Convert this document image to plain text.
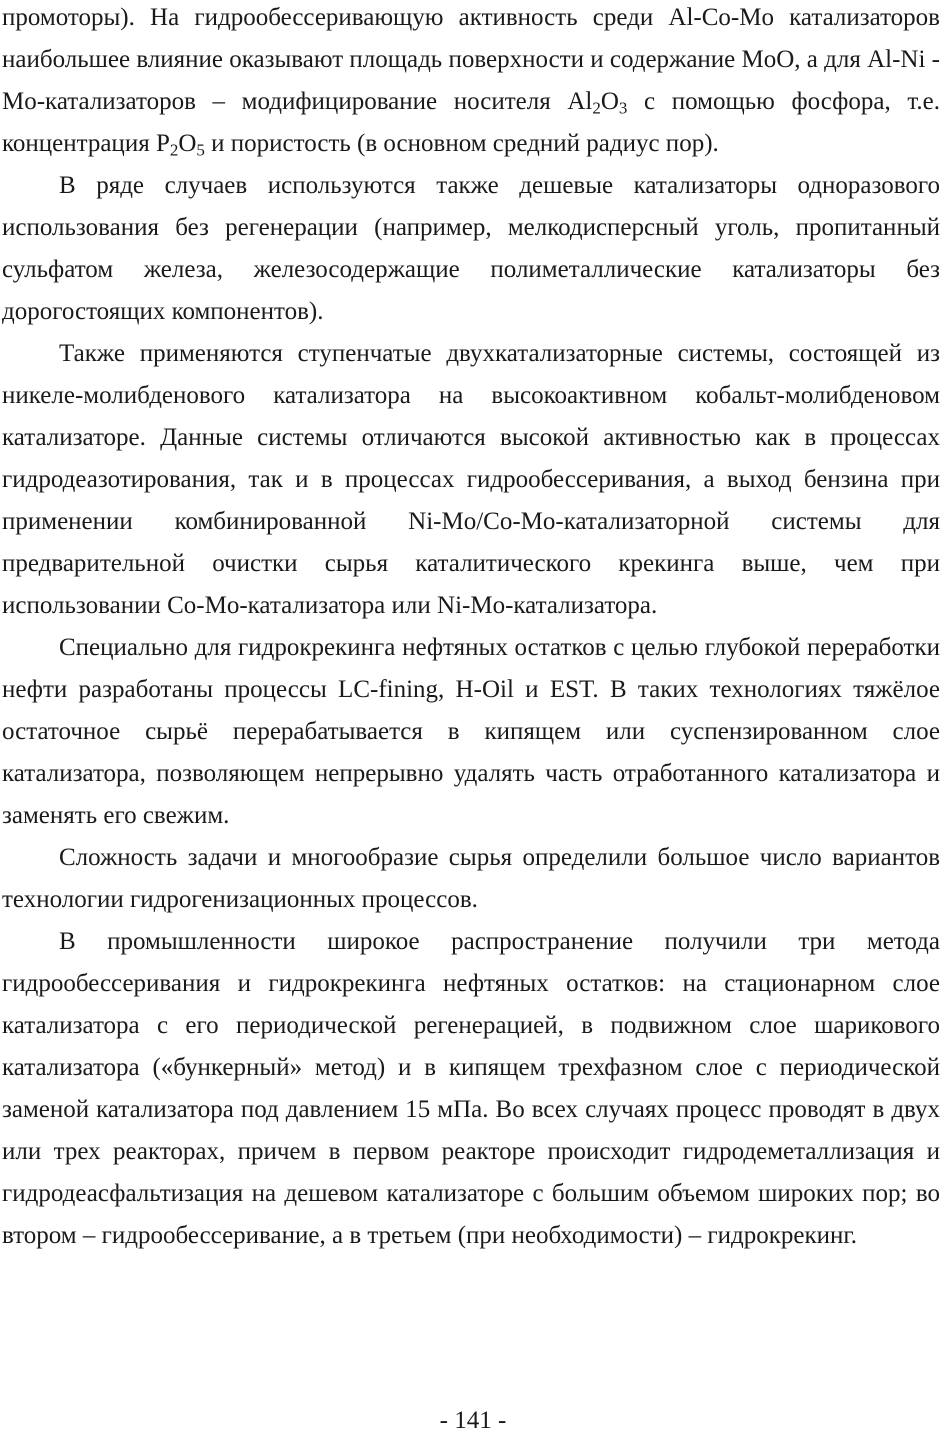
промоторы). На гидрообессеривающую активность среди Al-Co-Mo катализаторов наибольшее влияние оказывают площадь поверхности и содержание MoO, а для Al-Ni -Mo-катализаторов – модифицирование носителя $Al_2O_3$ с помощью фосфора, т.е. концентрация $P_2O_5$ и пористость (в основном средний радиус пор).

В ряде случаев используются также дешевые катализаторы одноразового использования без регенерации (например, мелкодисперсный уголь, пропитанный сульфатом железа, железосодержащие полиметаллические катализаторы без дорогостоящих компонентов).

Также применяются ступенчатые двухкатализаторные системы, состоящей из никеле-молибденового катализатора на высокоактивном кобальт-молибденовом катализаторе. Данные системы отличаются высокой активностью как в процессах гидродеазотирования, так и в процессах гидрообессеривания, а выход бензина при применении комбинированной Ni-Mo/Co-Mo-катализаторной системы для предварительной очистки сырья каталитического крекинга выше, чем при использовании Co-Mo-катализатора или Ni-Mo-катализатора.

Специально для гидрокрекинга нефтяных остатков с целью глубокой переработки нефти разработаны процессы LC-fining, H-Oil и EST. В таких технологиях тяжёлое остаточное сырьё перерабатывается в кипящем или суспензированном слое катализатора, позволяющем непрерывно удалять часть отработанного катализатора и заменять его свежим.

Сложность задачи и многообразие сырья определили большое число вариантов технологии гидрогенизационных процессов.

В промышленности широкое распространение получили три метода гидрообессеривания и гидрокрекинга нефтяных остатков: на стационарном слое катализатора с его периодической регенерацией, в подвижном слое шарикового катализатора («бункерный» метод) и в кипящем трехфазном слое с периодической заменой катализатора под давлением 15 мПа. Во всех случаях процесс проводят в двух или трех реакторах, причем в первом реакторе происходит гидродеметаллизация и гидродеасфальтизация на дешевом катализаторе с большим объемом широких пор; во втором – гидрообессеривание, а в третьем (при необходимости) – гидрокрекинг.

- 141 -
